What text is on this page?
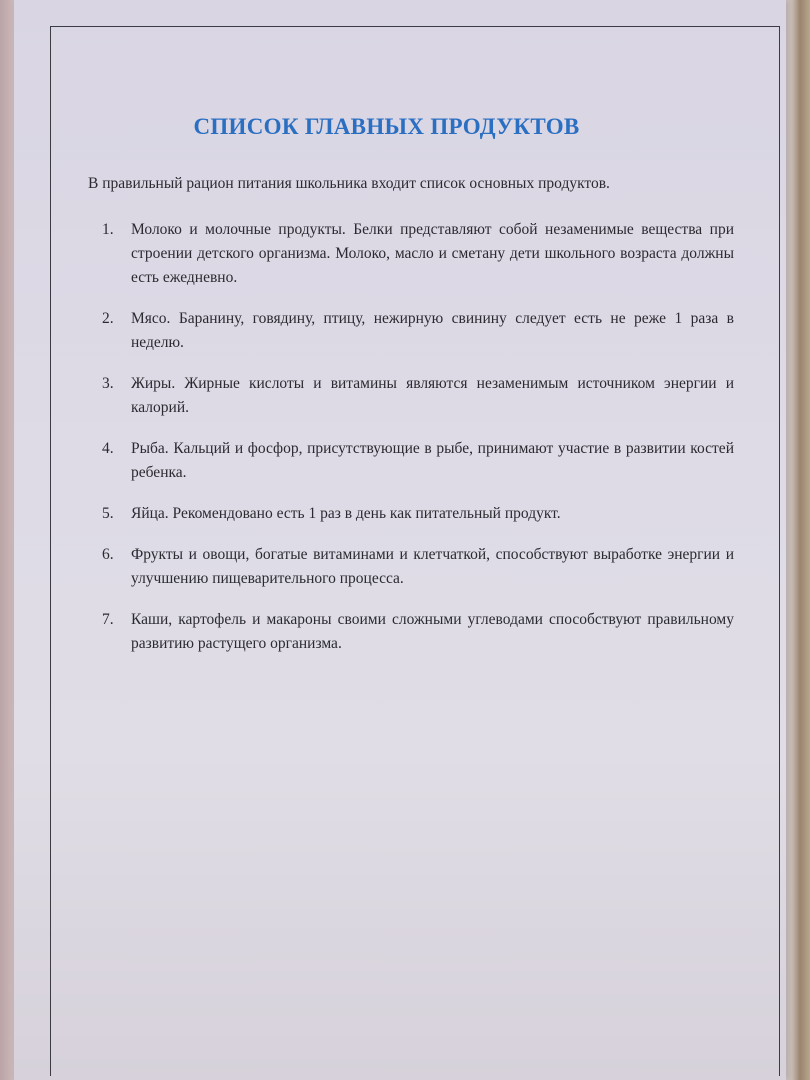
СПИСОК ГЛАВНЫХ ПРОДУКТОВ

В правильный рацион питания школьника входит список основных продуктов.

1. Молоко и молочные продукты. Белки представляют собой незаменимые вещества при строении детского организма. Молоко, масло и сметану дети школьного возраста должны есть ежедневно.
2. Мясо. Баранину, говядину, птицу, нежирную свинину следует есть не реже 1 раза в неделю.
3. Жиры. Жирные кислоты и витамины являются незаменимым источником энергии и калорий.
4. Рыба. Кальций и фосфор, присутствующие в рыбе, принимают участие в развитии костей ребенка.
5. Яйца. Рекомендовано есть 1 раз в день как питательный продукт.
6. Фрукты и овощи, богатые витаминами и клетчаткой, способствуют выработке энергии и улучшению пищеварительного процесса.
7. Каши, картофель и макароны своими сложными углеводами способствуют правильному развитию растущего организма.
